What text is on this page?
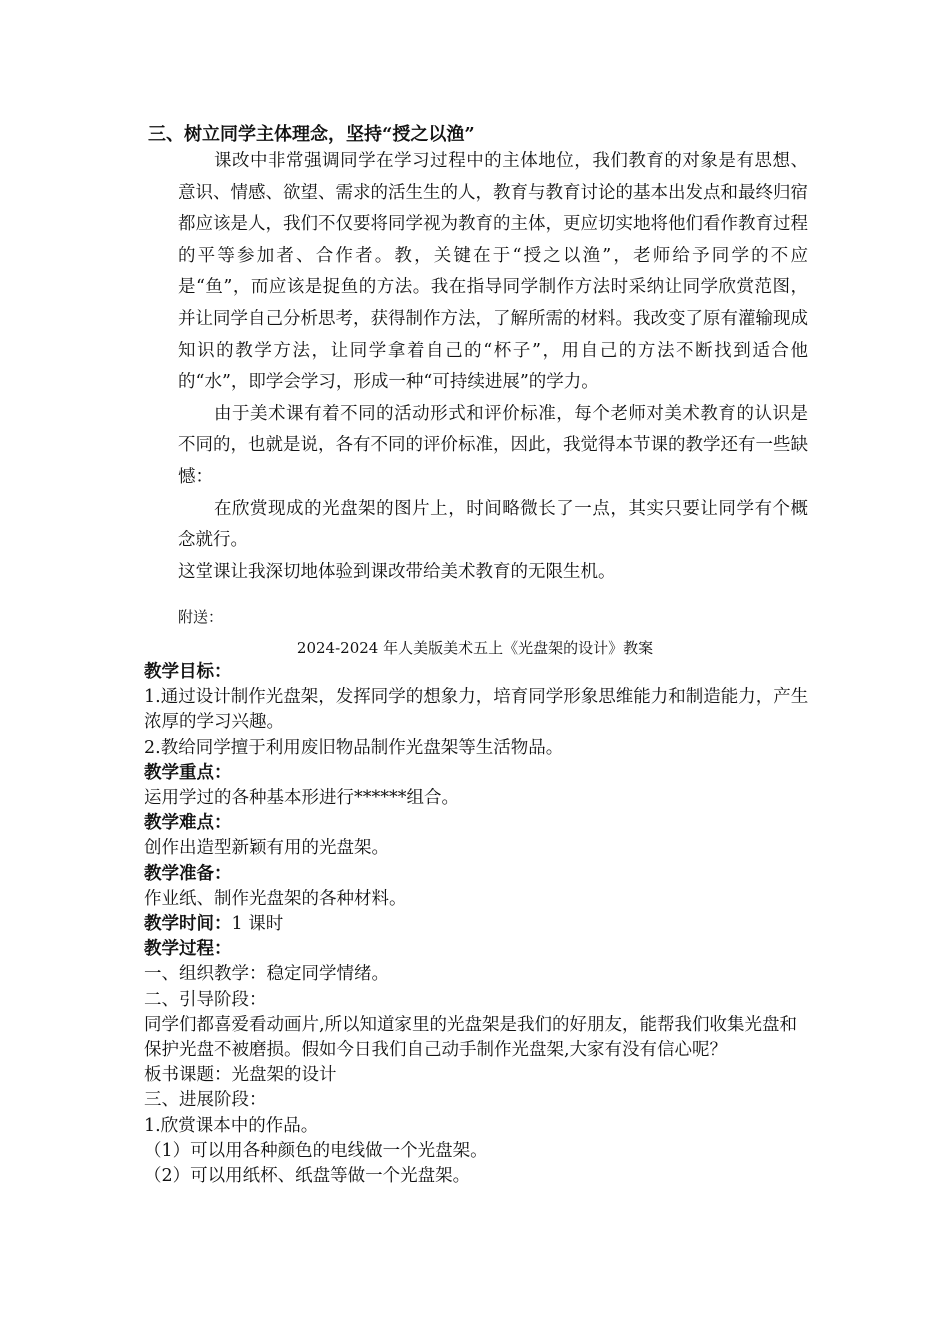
三、树立同学主体理念，坚持“授之以渔”

课改中非常强调同学在学习过程中的主体地位，我们教育的对象是有思想、意识、情感、欲望、需求的活生生的人，教育与教育讨论的基本出发点和最终归宿都应该是人，我们不仅要将同学视为教育的主体，更应切实地将他们看作教育过程的平等参加者、合作者。教，关键在于“授之以渔”，老师给予同学的不应是“鱼”，而应该是捉鱼的方法。我在指导同学制作方法时采纳让同学欣赏范图，并让同学自己分析思考，获得制作方法，了解所需的材料。我改变了原有灌输现成知识的教学方法，让同学拿着自己的“杯子”，用自己的方法不断找到适合他的“水”，即学会学习，形成一种“可持续进展”的学力。

由于美术课有着不同的活动形式和评价标准，每个老师对美术教育的认识是不同的，也就是说，各有不同的评价标准，因此，我觉得本节课的教学还有一些缺憾：

在欣赏现成的光盘架的图片上，时间略微长了一点，其实只要让同学有个概念就行。

这堂课让我深切地体验到课改带给美术教育的无限生机。

附送：
2024-2024 年人美版美术五上《光盘架的设计》教案

教学目标：

1.通过设计制作光盘架，发挥同学的想象力，培育同学形象思维能力和制造能力，产生浓厚的学习兴趣。

2.教给同学擅于利用废旧物品制作光盘架等生活物品。

教学重点：

运用学过的各种基本形进行******组合。

教学难点：

创作出造型新颖有用的光盘架。

教学准备：

作业纸、制作光盘架的各种材料。

教学时间：1 课时

教学过程：

一、组织教学：稳定同学情绪。

二、引导阶段：

同学们都喜爱看动画片,所以知道家里的光盘架是我们的好朋友，能帮我们收集光盘和保护光盘不被磨损。假如今日我们自己动手制作光盘架,大家有没有信心呢？

板书课题：光盘架的设计

三、进展阶段：

1.欣赏课本中的作品。

（1）可以用各种颜色的电线做一个光盘架。

（2）可以用纸杯、纸盘等做一个光盘架。
